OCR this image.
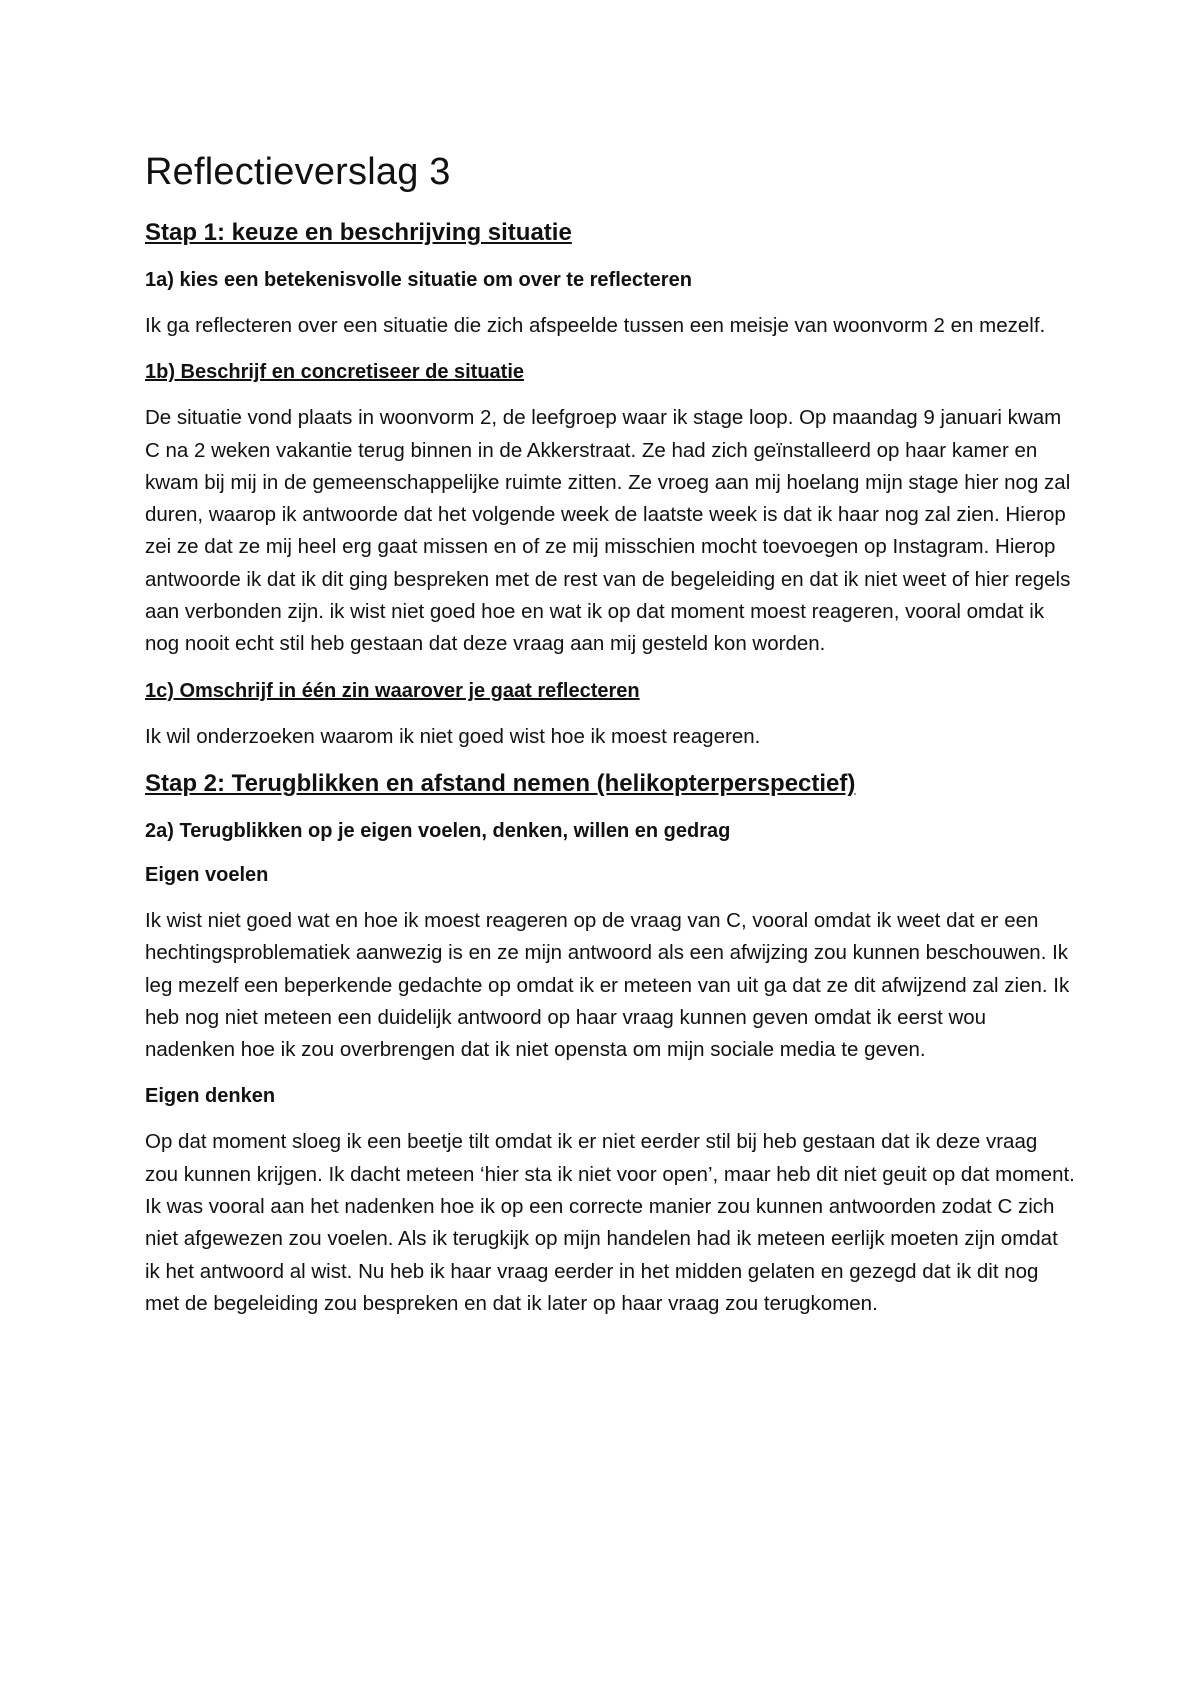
Reflectieverslag 3
Stap 1: keuze en beschrijving situatie
1a) kies een betekenisvolle situatie om over te reflecteren

Ik ga reflecteren over een situatie die zich afspeelde tussen een meisje van woonvorm 2 en mezelf.

1b) Beschrijf en concretiseer de situatie

De situatie vond plaats in woonvorm 2, de leefgroep waar ik stage loop. Op maandag 9 januari kwam C na 2 weken vakantie terug binnen in de Akkerstraat. Ze had zich geïnstalleerd op haar kamer en kwam bij mij in de gemeenschappelijke ruimte zitten. Ze vroeg aan mij hoelang mijn stage hier nog zal duren, waarop ik antwoorde dat het volgende week de laatste week is dat ik haar nog zal zien. Hierop zei ze dat ze mij heel erg gaat missen en of ze mij misschien mocht toevoegen op Instagram. Hierop antwoorde ik dat ik dit ging bespreken met de rest van de begeleiding en dat ik niet weet of hier regels aan verbonden zijn. ik wist niet goed hoe en wat ik op dat moment moest reageren, vooral omdat ik nog nooit echt stil heb gestaan dat deze vraag aan mij gesteld kon worden.

1c) Omschrijf in één zin waarover je gaat reflecteren

Ik wil onderzoeken waarom ik niet goed wist hoe ik moest reageren.

Stap 2: Terugblikken en afstand nemen (helikopterperspectief)
2a) Terugblikken op je eigen voelen, denken, willen en gedrag
Eigen voelen

Ik wist niet goed wat en hoe ik moest reageren op de vraag van C, vooral omdat ik weet dat er een hechtingsproblematiek aanwezig is en ze mijn antwoord als een afwijzing zou kunnen beschouwen. Ik leg mezelf een beperkende gedachte op omdat ik er meteen van uit ga dat ze dit afwijzend zal zien. Ik heb nog niet meteen een duidelijk antwoord op haar vraag kunnen geven omdat ik eerst wou nadenken hoe ik zou overbrengen dat ik niet opensta om mijn sociale media te geven.

Eigen denken

Op dat moment sloeg ik een beetje tilt omdat ik er niet eerder stil bij heb gestaan dat ik deze vraag zou kunnen krijgen. Ik dacht meteen ‘hier sta ik niet voor open’, maar heb dit niet geuit op dat moment. Ik was vooral aan het nadenken hoe ik op een correcte manier zou kunnen antwoorden zodat C zich niet afgewezen zou voelen. Als ik terugkijk op mijn handelen had ik meteen eerlijk moeten zijn omdat ik het antwoord al wist. Nu heb ik haar vraag eerder in het midden gelaten en gezegd dat ik dit nog met de begeleiding zou bespreken en dat ik later op haar vraag zou terugkomen.
